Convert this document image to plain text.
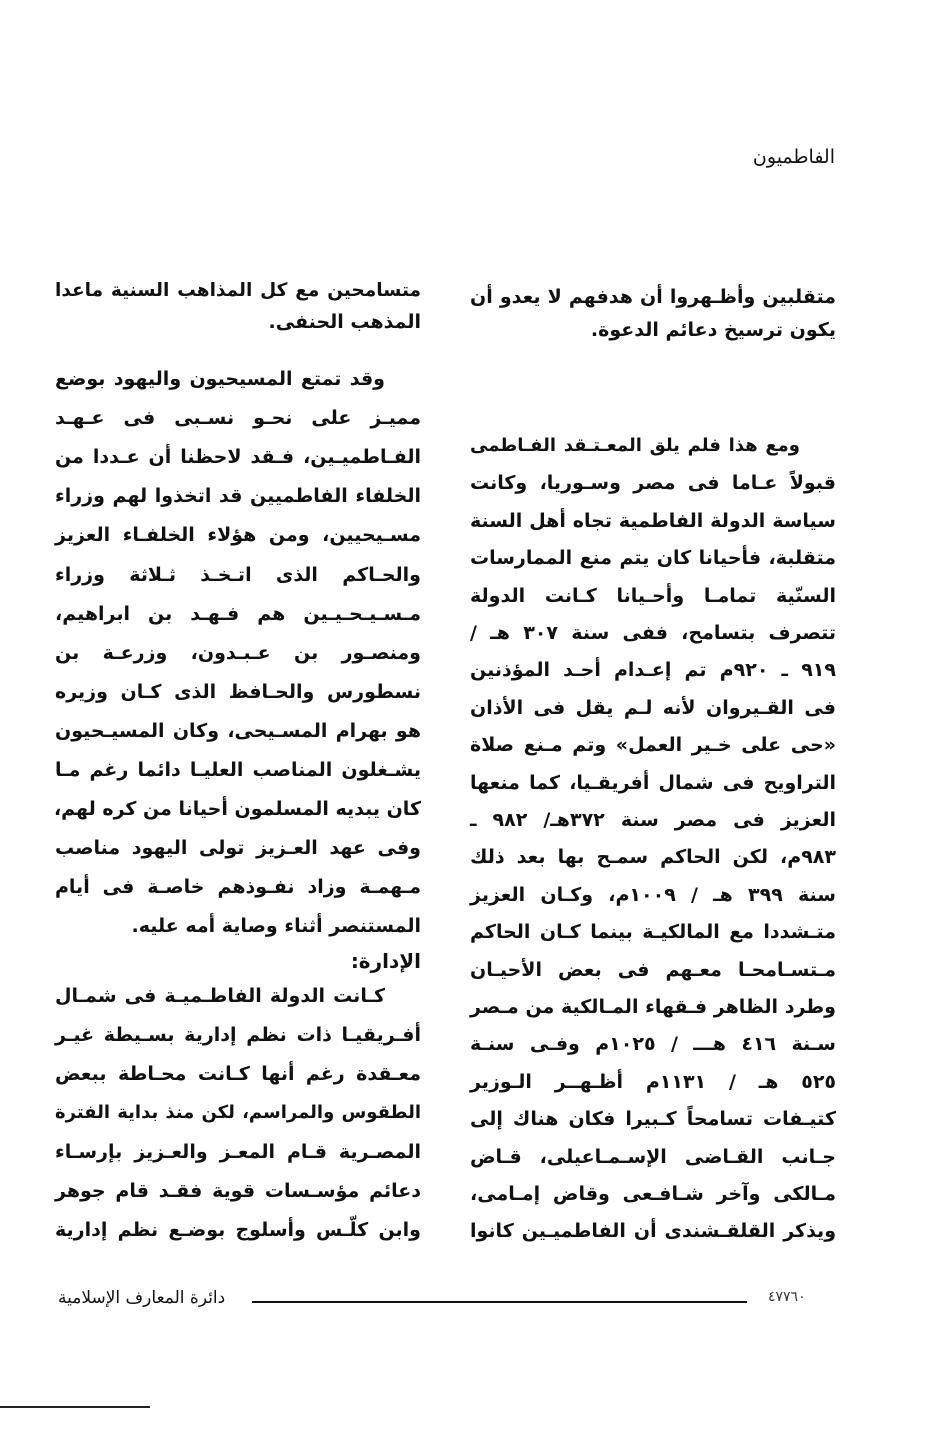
الفاطميون
متقلبين وأظـهروا أن هدفهم لا يعدو أن
يكون ترسيخ دعائم الدعوة.
ومع هذا فلم يلق المعـتـقد الفـاطمى
قبولاً عـاما فى مصر وسـوريا، وكانت
سياسة الدولة الفاطمية تجاه أهل السنة
متقلبة، فأحيانا كان يتم منع الممارسات
السنّية تمامـا وأحـيانا كـانت الدولة
تتصرف بتسامح، ففى سنة ٣٠٧ هـ /
٩١٩ ـ ٩٢٠م تم إعـدام أحـد المؤذنين
فى القـيروان لأنه لـم يقل فى الأذان
«حى على خـير العمل» وتم مـنع صلاة
التراويح فى شمال أفريقـيا، كما منعها
العزيز فى مصر سنة ٣٧٢هـ/ ٩٨٢ ـ
٩٨٣م، لكن الحاكم سمـح بها بعد ذلك
سنة ٣٩٩ هـ / ١٠٠٩م، وكـان العزيز
متـشددا مع المالكيـة بينما كـان الحاكم
مـتسـامحـا معـهم فى بعض الأحيـان
وطرد الظاهر فـقهاء المـالكية من مـصر
سـنة ٤١٦ هـــ / ١٠٢٥م وفـى سنـة
٥٢٥ هـ / ١١٣١م أظـهــر الـوزير
كتيـفات تسامحاً كـبيرا فكان هناك إلى
جـانب القـاضى الإسـمـاعيلى، قـاض
مـالكى وآخر شـافـعى وقاض إمـامى،
ويذكر القلقـشندى أن الفاطميـين كانوا
متسامحين مع كل المذاهب السنية ماعدا
المذهب الحنفى.
وقد تمتع المسيحيون واليهود بوضع
مميـز على نحـو نسـبى فى عـهـد
الفـاطميـين، فـقد لاحظنا أن عـددا من
الخلفاء الفاطميين قد اتخذوا لهم وزراء
مسـيحيين، ومن هؤلاء الخلفـاء العزيز
والحـاكم الذى اتـخـذ ثـلاثة وزراء
مـسـيـحـيـين هم فـهـد بن ابراهيم،
ومنصـور بن عـبـدون، وزرعـة بن
نسطورس والحـافظ الذى كـان وزيره
هو بهرام المسـيحى، وكان المسيـحيون
يشـغلون المناصب العليـا دائما رغم مـا
كان يبديه المسلمون أحيانا من كره لهم،
وفى عهد العـزيز تولى اليهود مناصب
مـهمـة وزاد نفـوذهم خاصـة فى أيام
المستنصر أثناء وصاية أمه عليه.
الإدارة:
كـانت الدولة الفاطـميـة فى شمـال
أفـريقيـا ذات نظم إدارية بسـيطة غيـر
معـقدة رغم أنها كـانت محـاطة ببعض
الطقوس والمراسم، لكن منذ بداية الفترة
المصـرية قـام المعـز والعـزيز بإرسـاء
دعائم مؤسـسات قوية فقـد قام جوهر
وابن كلّـس وأسلوج بوضـع نظم إدارية
دائرة المعارف الإسلامية	٤٧٧٦٠
